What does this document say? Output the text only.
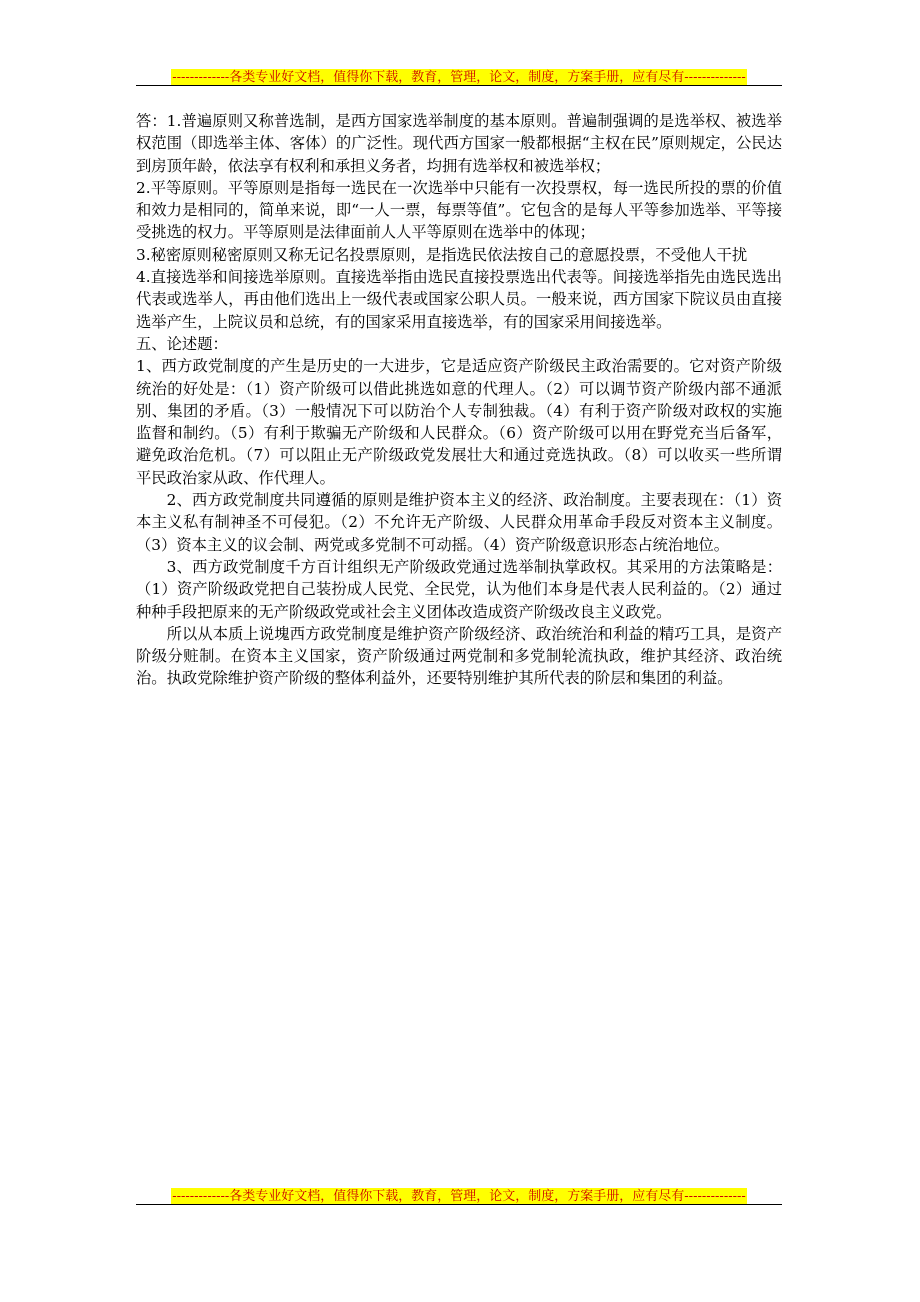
-------------各类专业好文档，值得你下载，教育，管理，论文，制度，方案手册，应有尽有--------------

答：1.普遍原则又称普选制，是西方国家选举制度的基本原则。普遍制强调的是选举权、被选举权范围（即选举主体、客体）的广泛性。现代西方国家一般都根据“主权在民”原则规定，公民达到房顶年龄，依法享有权利和承担义务者，均拥有选举权和被选举权；

2.平等原则。平等原则是指每一选民在一次选举中只能有一次投票权，每一选民所投的票的价值和效力是相同的，简单来说，即“一人一票，每票等值”。它包含的是每人平等参加选举、平等接受挑选的权力。平等原则是法律面前人人平等原则在选举中的体现；

3.秘密原则秘密原则又称无记名投票原则，是指选民依法按自己的意愿投票，不受他人干扰

4.直接选举和间接选举原则。直接选举指由选民直接投票选出代表等。间接选举指先由选民选出代表或选举人，再由他们选出上一级代表或国家公职人员。一般来说，西方国家下院议员由直接选举产生，上院议员和总统，有的国家采用直接选举，有的国家采用间接选举。

五、论述题：

1、西方政党制度的产生是历史的一大进步，它是适应资产阶级民主政治需要的。它对资产阶级统治的好处是：（1）资产阶级可以借此挑选如意的代理人。（2）可以调节资产阶级内部不通派别、集团的矛盾。（3）一般情况下可以防治个人专制独裁。（4）有利于资产阶级对政权的实施监督和制约。（5）有利于欺骗无产阶级和人民群众。（6）资产阶级可以用在野党充当后备军，避免政治危机。（7）可以阻止无产阶级政党发展壮大和通过竞选执政。（8）可以收买一些所谓平民政治家从政、作代理人。

2、西方政党制度共同遵循的原则是维护资本主义的经济、政治制度。主要表现在：（1）资本主义私有制神圣不可侵犯。（2）不允许无产阶级、人民群众用革命手段反对资本主义制度。（3）资本主义的议会制、两党或多党制不可动摇。（4）资产阶级意识形态占统治地位。

3、西方政党制度千方百计组织无产阶级政党通过选举制执掌政权。其采用的方法策略是：（1）资产阶级政党把自己装扮成人民党、全民党，认为他们本身是代表人民利益的。（2）通过种种手段把原来的无产阶级政党或社会主义团体改造成资产阶级改良主义政党。

所以从本质上说塊西方政党制度是维护资产阶级经济、政治统治和利益的精巧工具，是资产阶级分赃制。在资本主义国家，资产阶级通过两党制和多党制轮流执政，维护其经济、政治统治。执政党除维护资产阶级的整体利益外，还要特别维护其所代表的阶层和集团的利益。

-------------各类专业好文档，值得你下载，教育，管理，论文，制度，方案手册，应有尽有--------------
